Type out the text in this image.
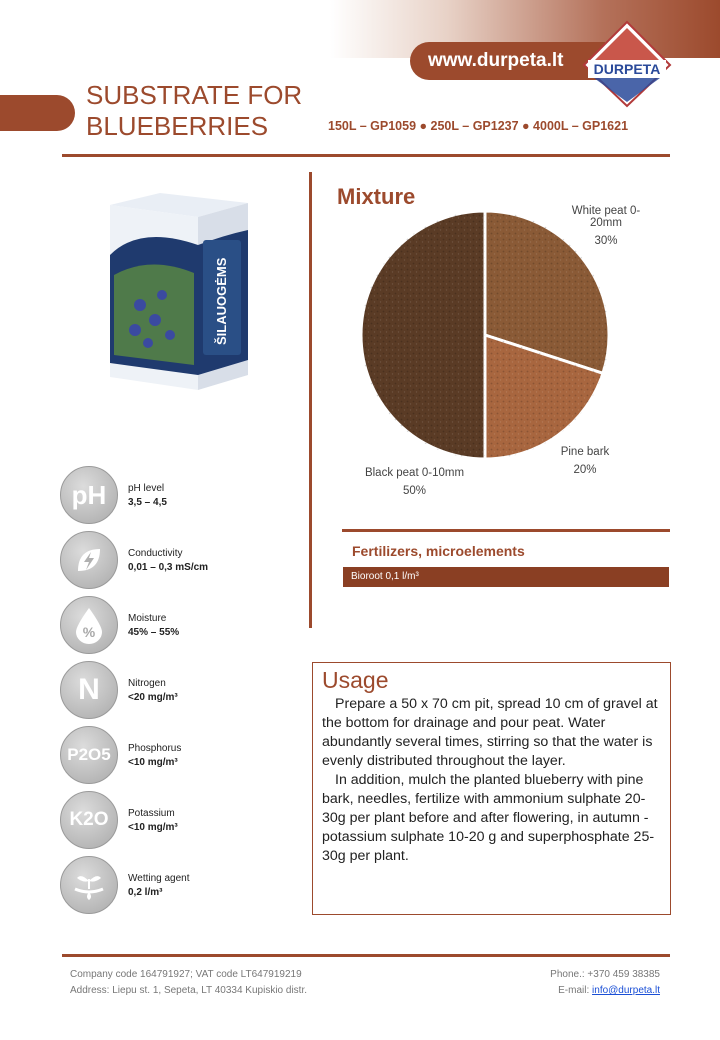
www.durpeta.lt	DURPETA
SUBSTRATE FOR
BLUEBERRIES	150L – GP1059 ● 250L – GP1237 ● 4000L – GP1621
ŠILAUOGĖMS
pH	pH level
3,5 – 4,5
Conductivity
0,01 – 0,3 mS/cm
%
Moisture
45% – 55%
N	Nitrogen
<20 mg/m³
P2O5	Phosphorus
<10 mg/m³
K2O	Potassium
<10 mg/m³
Wetting agent
0,2 l/m³
Mixture
White peat 0-20mm
30%
Pine bark
20%
Black peat 0-10mm
50%
Fertilizers, microelements
Bioroot 0,1 l/m³

Usage

Prepare a 50 x 70 cm pit, spread 10 cm of gravel at the bottom for drainage and pour peat. Water abundantly several times, stirring so that the water is evenly distributed throughout the layer.

In addition, mulch the planted blueberry with pine bark, needles, fertilize with ammonium sulphate 20-30g per plant before and after flowering, in autumn - potassium sulphate 10-20 g and superphosphate 25-30g per plant.

Company code 164791927; VAT code LT647919219
Address: Liepu st. 1, Sepeta, LT 40334 Kupiskio distr.
Phone.: +370 459 38385
E-mail: info@durpeta.lt
